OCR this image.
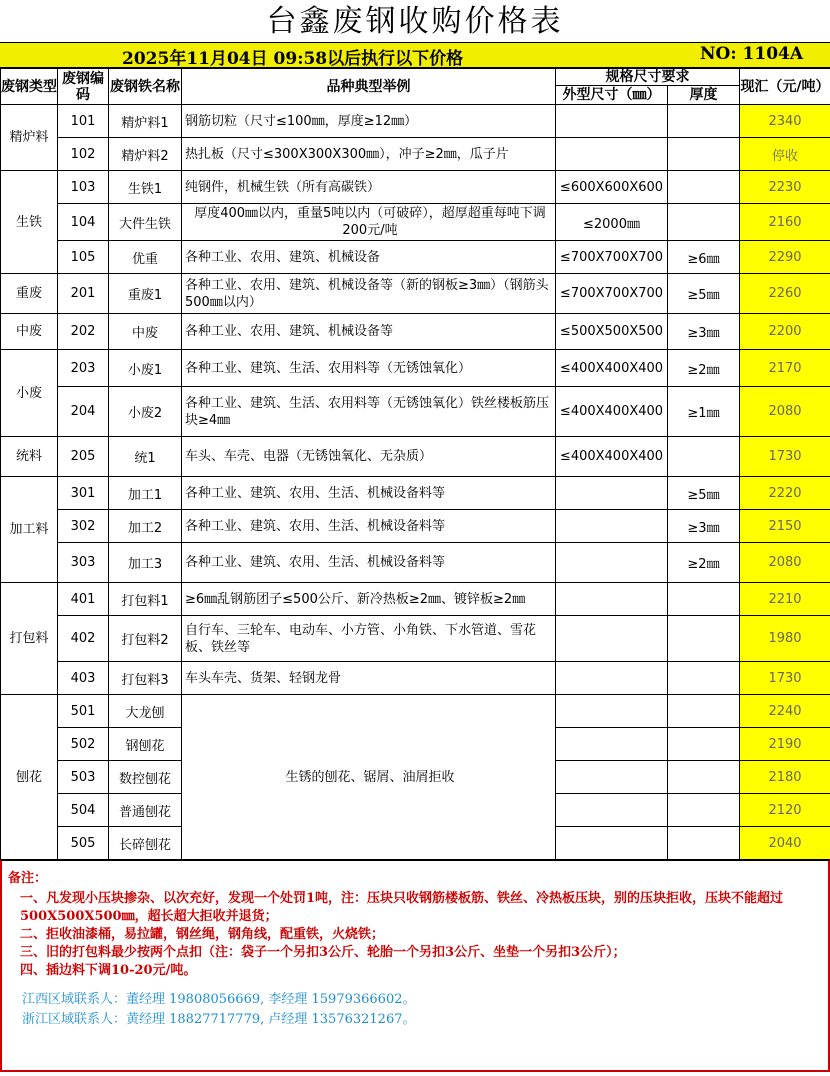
台鑫废钢收购价格表
2025年11月04日 09:58以后执行以下价格	NO: 1104A
废钢类型	废钢编码	废钢铁名称	品种典型举例	规格尺寸要求		现汇（元/吨）
				外型尺寸（㎜）	厚度	
精炉料	101	精炉料1	钢筋切粒（尺寸≤100㎜，厚度≥12㎜）			2340
	102	精炉料2	热扎板（尺寸≤300X300X300㎜），冲子≥2㎜，瓜子片			停收
生铁	103	生铁1	纯钢件，机械生铁（所有高碳铁）	≤600X600X600		2230
	104	大件生铁	厚度400㎜以内，重量5吨以内（可破碎），超厚超重每吨下调200元/吨	≤2000㎜		2160
	105	优重	各种工业、农用、建筑、机械设备	≤700X700X700	≥6㎜	2290
重废	201	重废1	各种工业、农用、建筑、机械设备等（新的钢板≥3㎜）（钢筋头500㎜以内）	≤700X700X700	≥5㎜	2260
中废	202	中废	各种工业、农用、建筑、机械设备等	≤500X500X500	≥3㎜	2200
小废	203	小废1	各种工业、建筑、生活、农用料等（无锈蚀氧化）	≤400X400X400	≥2㎜	2170
	204	小废2	各种工业、建筑、生活、农用料等（无锈蚀氧化）铁丝楼板筋压块≥4㎜	≤400X400X400	≥1㎜	2080
统料	205	统1	车头、车壳、电器（无锈蚀氧化、无杂质）	≤400X400X400		1730
加工料	301	加工1	各种工业、建筑、农用、生活、机械设备料等		≥5㎜	2220
	302	加工2	各种工业、建筑、农用、生活、机械设备料等		≥3㎜	2150
	303	加工3	各种工业、建筑、农用、生活、机械设备料等		≥2㎜	2080
打包料	401	打包料1	≥6㎜乱钢筋团子≤500公斤、新冷热板≥2㎜、镀锌板≥2㎜			2210
	402	打包料2	自行车、三轮车、电动车、小方管、小角铁、下水管道、雪花板、铁丝等			1980
	403	打包料3	车头车壳、货架、轻钢龙骨			1730
刨花	501	大龙刨	生锈的刨花、锯屑、油屑拒收			2240
	502	钢刨花				2190
	503	数控刨花				2180
	504	普通刨花				2120
	505	长碎刨花				2040
备注：
一、凡发现小压块掺杂、以次充好，发现一个处罚1吨，注：压块只收钢筋楼板筋、铁丝、冷热板压块，别的压块拒收，压块不能超过500X500X500㎜，超长超大拒收并退货；
二、拒收油漆桶，易拉罐，钢丝绳，钢角线，配重铁，火烧铁；
三、旧的打包料最少按两个点扣（注：袋子一个另扣3公斤、轮胎一个另扣3公斤、坐垫一个另扣3公斤）；
四、插边料下调10-20元/吨。
江西区域联系人：董经理 19808056669, 李经理 15979366602。
浙江区域联系人：黄经理 18827717779, 卢经理 13576321267。
